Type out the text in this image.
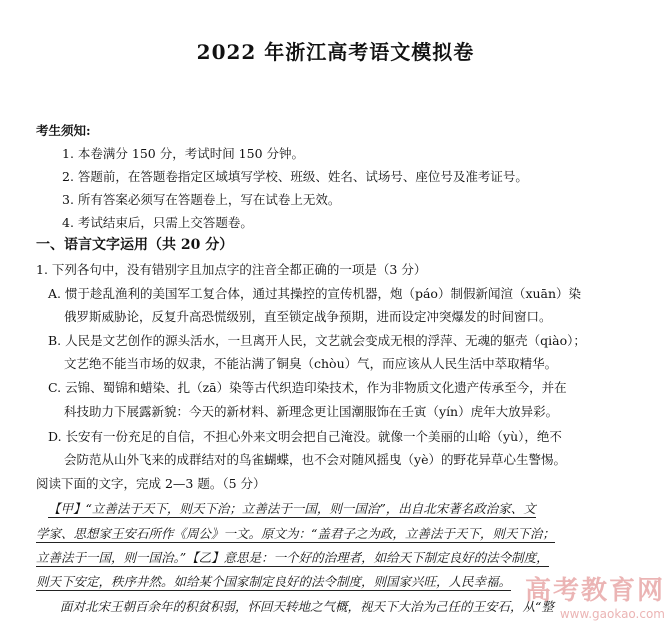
2022 年浙江高考语文模拟卷
考生须知:
1. 本卷满分 150 分，考试时间 150 分钟。
2. 答题前，在答题卷指定区域填写学校、班级、姓名、试场号、座位号及准考证号。
3. 所有答案必须写在答题卷上，写在试卷上无效。
4. 考试结束后，只需上交答题卷。
一、语言文字运用（共 20 分）
1. 下列各句中，没有错别字且加点字的注音全都正确的一项是（3 分）
A. 惯于趁乱渔利的美国军工复合体，通过其操控的宣传机器，炮（páo）制假新闻渲（xuān）染
俄罗斯威胁论，反复升高恐慌级别，直至锁定战争预期，进而设定冲突爆发的时间窗口。
B. 人民是文艺创作的源头活水，一旦离开人民，文艺就会变成无根的浮萍、无魂的躯壳（qiào）；
文艺绝不能当市场的奴隶，不能沾满了铜臭（chòu）气，而应该从人民生活中萃取精华。
C. 云锦、蜀锦和蜡染、扎（zā）染等古代织造印染技术，作为非物质文化遗产传承至今，并在
科技助力下展露新貌：今天的新材料、新理念更让国潮服饰在壬寅（yín）虎年大放异彩。
D. 长安有一份充足的自信，不担心外来文明会把自己淹没。就像一个美丽的山峪（yù），绝不
会防范从山外飞来的成群结对的鸟雀蝴蝶，也不会对随风摇曳（yè）的野花异草心生警惕。
阅读下面的文字，完成 2—3 题。（5 分）
【甲】“立善法于天下，则天下治；立善法于一国，则一国治”，出自北宋著名政治家、文
学家、思想家王安石所作《周公》一文。原文为：“盖君子之为政，立善法于天下，则天下治；
立善法于一国，则一国治。”【乙】意思是：一个好的治理者，如给天下制定良好的法令制度，
则天下安定，秩序井然。如给某个国家制定良好的法令制度，则国家兴旺，人民幸福。
面对北宋王朝百余年的积贫积弱，怀回天转地之气概，视天下大治为己任的王安石，从“整
高考教育网
www.gaokao.com
